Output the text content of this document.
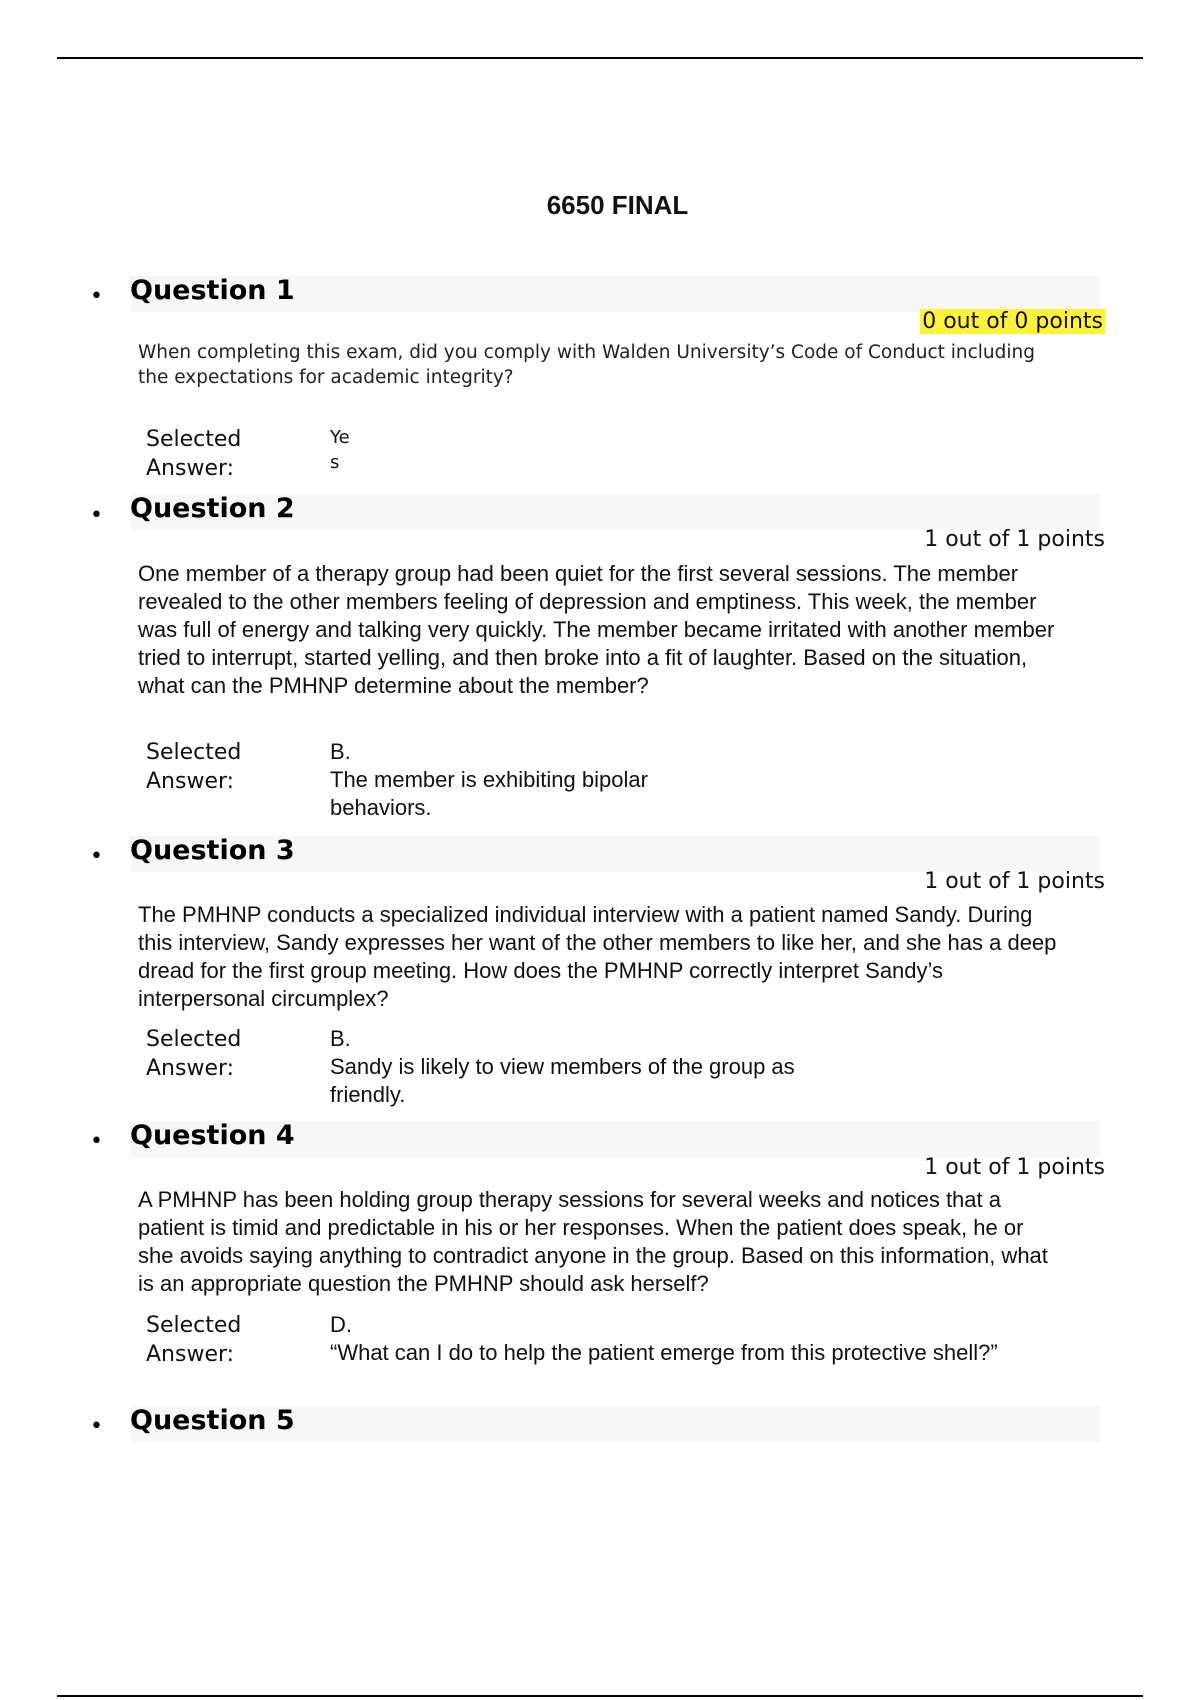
6650 FINAL
• Question 1
0 out of 0 points
When completing this exam, did you comply with Walden University’s Code of Conduct including the expectations for academic integrity?
Selected Answer:
Yes
• Question 2
1 out of 1 points
One member of a therapy group had been quiet for the first several sessions. The member revealed to the other members feeling of depression and emptiness. This week, the member was full of energy and talking very quickly. The member became irritated with another member tried to interrupt, started yelling, and then broke into a fit of laughter. Based on the situation, what can the PMHNP determine about the member?
Selected Answer:
B.
The member is exhibiting bipolar behaviors.
• Question 3
1 out of 1 points
The PMHNP conducts a specialized individual interview with a patient named Sandy. During this interview, Sandy expresses her want of the other members to like her, and she has a deep dread for the first group meeting. How does the PMHNP correctly interpret Sandy’s interpersonal circumplex?
Selected Answer:
B.
Sandy is likely to view members of the group as friendly.
• Question 4
1 out of 1 points
A PMHNP has been holding group therapy sessions for several weeks and notices that a patient is timid and predictable in his or her responses. When the patient does speak, he or she avoids saying anything to contradict anyone in the group. Based on this information, what is an appropriate question the PMHNP should ask herself?
Selected Answer:
D.
“What can I do to help the patient emerge from this protective shell?”
• Question 5
